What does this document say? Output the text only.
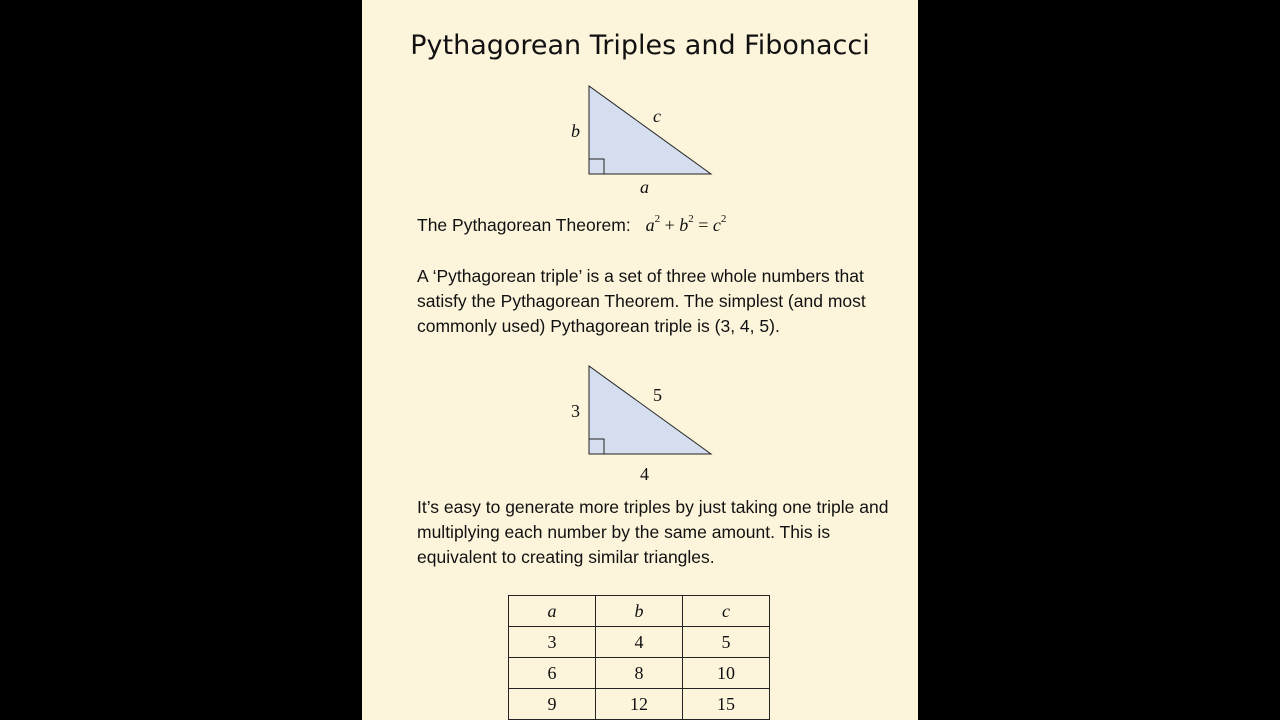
Pythagorean Triples and Fibonacci
b
c
a
The Pythagorean Theorem: $a^2 + b^2 = c^2$

A ‘Pythagorean triple’ is a set of three whole numbers that satisfy the Pythagorean Theorem. The simplest (and most commonly used) Pythagorean triple is (3, 4, 5).

3
5
4

It’s easy to generate more triples by just taking one triple and multiplying each number by the same amount. This is equivalent to creating similar triangles.

a	b	c
3	4	5
6	8	10
9	12	15
